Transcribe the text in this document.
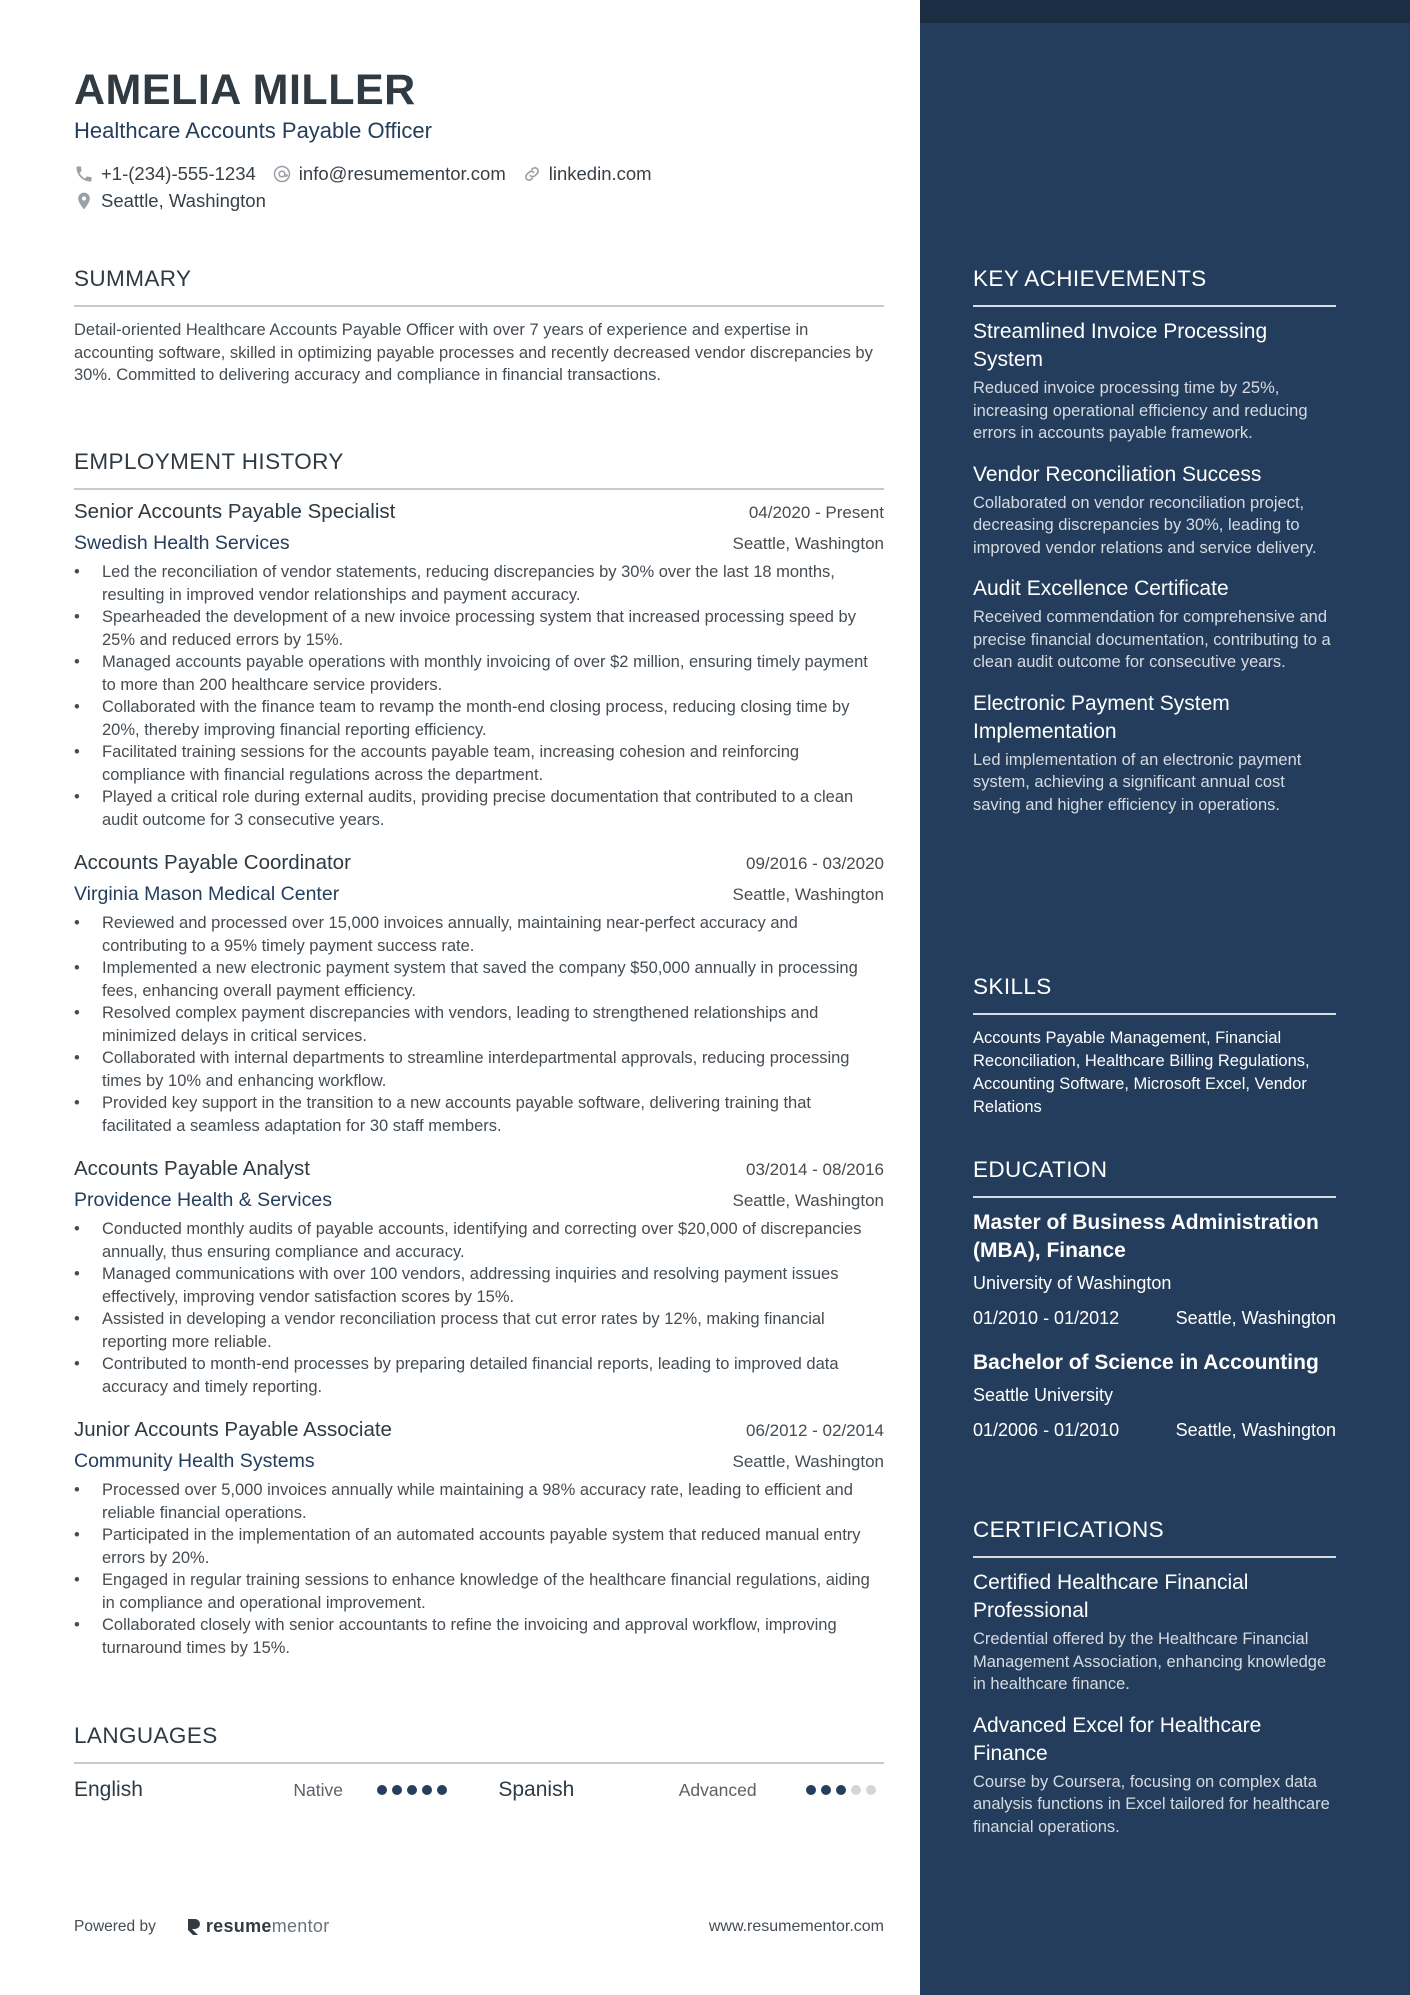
AMELIA MILLER
Healthcare Accounts Payable Officer
+1-(234)-555-1234 info@resumementor.com linkedin.com
Seattle, Washington
SUMMARY

Detail-oriented Healthcare Accounts Payable Officer with over 7 years of experience and expertise in accounting software, skilled in optimizing payable processes and recently decreased vendor discrepancies by 30%. Committed to delivering accuracy and compliance in financial transactions.

EMPLOYMENT HISTORY
Senior Accounts Payable Specialist	04/2020 - Present
Swedish Health Services	Seattle, Washington
• Led the reconciliation of vendor statements, reducing discrepancies by 30% over the last 18 months, resulting in improved vendor relationships and payment accuracy.
• Spearheaded the development of a new invoice processing system that increased processing speed by 25% and reduced errors by 15%.
• Managed accounts payable operations with monthly invoicing of over $2 million, ensuring timely payment to more than 200 healthcare service providers.
• Collaborated with the finance team to revamp the month-end closing process, reducing closing time by 20%, thereby improving financial reporting efficiency.
• Facilitated training sessions for the accounts payable team, increasing cohesion and reinforcing compliance with financial regulations across the department.
• Played a critical role during external audits, providing precise documentation that contributed to a clean audit outcome for 3 consecutive years.
Accounts Payable Coordinator	09/2016 - 03/2020
Virginia Mason Medical Center	Seattle, Washington
• Reviewed and processed over 15,000 invoices annually, maintaining near-perfect accuracy and contributing to a 95% timely payment success rate.
• Implemented a new electronic payment system that saved the company $50,000 annually in processing fees, enhancing overall payment efficiency.
• Resolved complex payment discrepancies with vendors, leading to strengthened relationships and minimized delays in critical services.
• Collaborated with internal departments to streamline interdepartmental approvals, reducing processing times by 10% and enhancing workflow.
• Provided key support in the transition to a new accounts payable software, delivering training that facilitated a seamless adaptation for 30 staff members.
Accounts Payable Analyst	03/2014 - 08/2016
Providence Health & Services	Seattle, Washington
• Conducted monthly audits of payable accounts, identifying and correcting over $20,000 of discrepancies annually, thus ensuring compliance and accuracy.
• Managed communications with over 100 vendors, addressing inquiries and resolving payment issues effectively, improving vendor satisfaction scores by 15%.
• Assisted in developing a vendor reconciliation process that cut error rates by 12%, making financial reporting more reliable.
• Contributed to month-end processes by preparing detailed financial reports, leading to improved data accuracy and timely reporting.
Junior Accounts Payable Associate	06/2012 - 02/2014
Community Health Systems	Seattle, Washington
• Processed over 5,000 invoices annually while maintaining a 98% accuracy rate, leading to efficient and reliable financial operations.
• Participated in the implementation of an automated accounts payable system that reduced manual entry errors by 20%.
• Engaged in regular training sessions to enhance knowledge of the healthcare financial regulations, aiding in compliance and operational improvement.
• Collaborated closely with senior accountants to refine the invoicing and approval workflow, improving turnaround times by 15%.
LANGUAGES
English	Native	Spanish	Advanced
Powered by	resume mentor	www.resumementor.com
KEY ACHIEVEMENTS
Streamlined Invoice Processing System
Reduced invoice processing time by 25%, increasing operational efficiency and reducing errors in accounts payable framework.
Vendor Reconciliation Success
Collaborated on vendor reconciliation project, decreasing discrepancies by 30%, leading to improved vendor relations and service delivery.
Audit Excellence Certificate
Received commendation for comprehensive and precise financial documentation, contributing to a clean audit outcome for consecutive years.
Electronic Payment System Implementation
Led implementation of an electronic payment system, achieving a significant annual cost saving and higher efficiency in operations.
SKILLS
Accounts Payable Management, Financial Reconciliation, Healthcare Billing Regulations, Accounting Software, Microsoft Excel, Vendor Relations
EDUCATION
Master of Business Administration (MBA), Finance
University of Washington
01/2010 - 01/2012	Seattle, Washington
Bachelor of Science in Accounting
Seattle University
01/2006 - 01/2010	Seattle, Washington
CERTIFICATIONS
Certified Healthcare Financial Professional
Credential offered by the Healthcare Financial Management Association, enhancing knowledge in healthcare finance.
Advanced Excel for Healthcare Finance
Course by Coursera, focusing on complex data analysis functions in Excel tailored for healthcare financial operations.
